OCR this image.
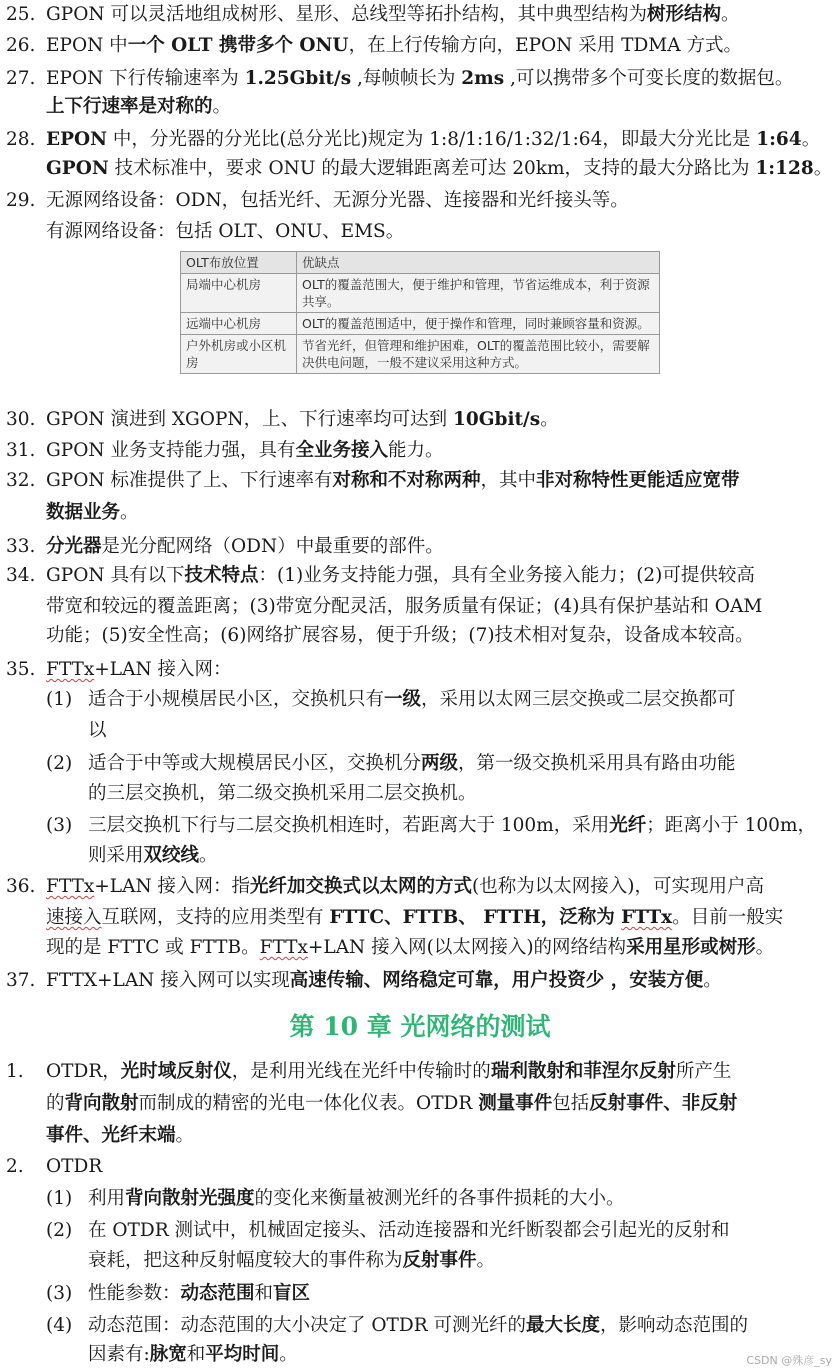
25. GPON 可以灵活地组成树形、星形、总线型等拓扑结构，其中典型结构为树形结构。
26. EPON 中一个 OLT 携带多个 ONU，在上行传输方向，EPON 采用 TDMA 方式。
27. EPON 下行传输速率为 1.25Gbit/s ,每帧帧长为 2ms ,可以携带多个可变长度的数据包。
上下行速率是对称的。
28. EPON 中，分光器的分光比(总分光比)规定为 1:8/1:16/1:32/1:64，即最大分光比是 1:64。
GPON 技术标准中，要求 ONU 的最大逻辑距离差可达 20km，支持的最大分路比为 1:128。
29. 无源网络设备：ODN，包括光纤、无源分光器、连接器和光纤接头等。
有源网络设备：包括 OLT、ONU、EMS。
30. GPON 演进到 XGOPN，上、下行速率均可达到 10Gbit/s。
31. GPON 业务支持能力强，具有全业务接入能力。
32. GPON 标准提供了上、下行速率有对称和不对称两种，其中非对称特性更能适应宽带
数据业务。
33. 分光器是光分配网络（ODN）中最重要的部件。
34. GPON 具有以下技术特点：(1)业务支持能力强，具有全业务接入能力；(2)可提供较高
带宽和较远的覆盖距离；(3)带宽分配灵活，服务质量有保证；(4)具有保护基站和 OAM
功能；(5)安全性高；(6)网络扩展容易，便于升级；(7)技术相对复杂，设备成本较高。
35. FTTx+LAN 接入网：
(1) 适合于小规模居民小区，交换机只有一级，采用以太网三层交换或二层交换都可
以
(2) 适合于中等或大规模居民小区，交换机分两级，第一级交换机采用具有路由功能
的三层交换机，第二级交换机采用二层交换机。
(3) 三层交换机下行与二层交换机相连时，若距离大于 100m，采用光纤；距离小于 100m，
则采用双绞线。
36. FTTx+LAN 接入网：指光纤加交换式以太网的方式(也称为以太网接入)，可实现用户高
速接入互联网，支持的应用类型有 FTTC、FTTB、 FTTH，泛称为 FTTx。目前一般实
现的是 FTTC 或 FTTB。FTTx+LAN 接入网(以太网接入)的网络结构采用星形或树形。
37. FTTX+LAN 接入网可以实现高速传输、网络稳定可靠，用户投资少 ，安装方便。
1. OTDR，光时域反射仪，是利用光线在光纤中传输时的瑞利散射和菲涅尔反射所产生
的背向散射而制成的精密的光电一体化仪表。OTDR 测量事件包括反射事件、非反射
事件、光纤末端。
2. OTDR
(1) 利用背向散射光强度的变化来衡量被测光纤的各事件损耗的大小。
(2) 在 OTDR 测试中，机械固定接头、活动连接器和光纤断裂都会引起光的反射和
衰耗，把这种反射幅度较大的事件称为反射事件。
(3) 性能参数：动态范围和盲区
(4) 动态范围：动态范围的大小决定了 OTDR 可测光纤的最大长度，影响动态范围的
因素有:脉宽和平均时间。
第 10 章 光网络的测试
OLT布放位置	优缺点
局端中心机房	OLT的覆盖范围大，便于维护和管理，节省运维成本，利于资源共享。
远端中心机房	OLT的覆盖范围适中，便于操作和管理，同时兼顾容量和资源。
户外机房或小区机房	节省光纤，但管理和维护困难，OLT的覆盖范围比较小，需要解决供电问题，一般不建议采用这种方式。
CSDN @殊彦_sy
